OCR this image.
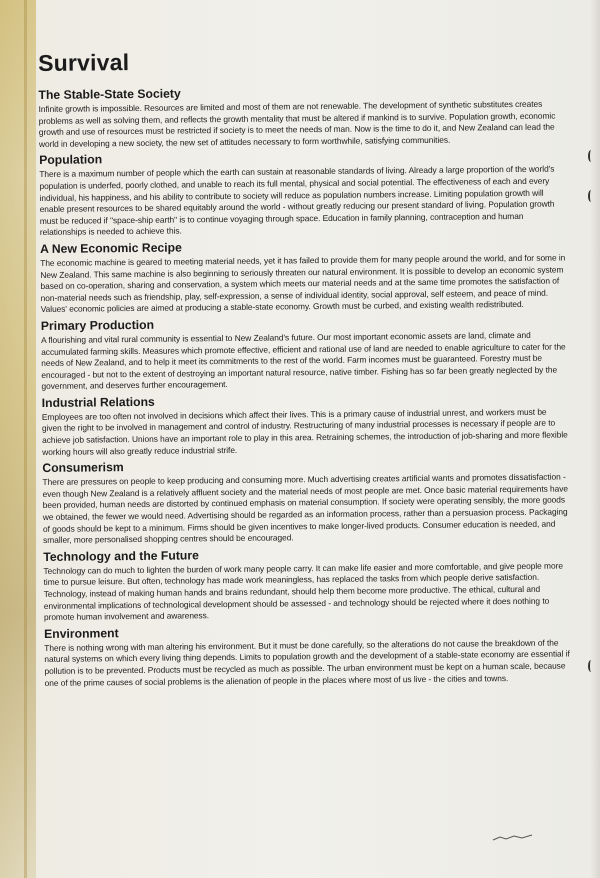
Survival
The Stable-State Society

Infinite growth is impossible. Resources are limited and most of them are not renewable. The development of synthetic substitutes creates problems as well as solving them, and reflects the growth mentality that must be altered if mankind is to survive. Population growth, economic growth and use of resources must be restricted if society is to meet the needs of man. Now is the time to do it, and New Zealand can lead the world in developing a new society, the new set of attitudes necessary to form worthwhile, satisfying communities.

Population

There is a maximum number of people which the earth can sustain at reasonable standards of living. Already a large proportion of the world's population is underfed, poorly clothed, and unable to reach its full mental, physical and social potential. The effectiveness of each and every individual, his happiness, and his ability to contribute to society will reduce as population numbers increase. Limiting population growth will enable present resources to be shared equitably around the world - without greatly reducing our present standard of living. Population growth must be reduced if "space-ship earth" is to continue voyaging through space. Education in family planning, contraception and human relationships is needed to achieve this.

A New Economic Recipe

The economic machine is geared to meeting material needs, yet it has failed to provide them for many people around the world, and for some in New Zealand. This same machine is also beginning to seriously threaten our natural environment. It is possible to develop an economic system based on co-operation, sharing and conservation, a system which meets our material needs and at the same time promotes the satisfaction of non-material needs such as friendship, play, self-expression, a sense of individual identity, social approval, self esteem, and peace of mind. Values' economic policies are aimed at producing a stable-state economy. Growth must be curbed, and existing wealth redistributed.

Primary Production

A flourishing and vital rural community is essential to New Zealand's future. Our most important economic assets are land, climate and accumulated farming skills. Measures which promote effective, efficient and rational use of land are needed to enable agriculture to cater for the needs of New Zealand, and to help it meet its commitments to the rest of the world. Farm incomes must be guaranteed. Forestry must be encouraged - but not to the extent of destroying an important natural resource, native timber. Fishing has so far been greatly neglected by the government, and deserves further encouragement.

Industrial Relations

Employees are too often not involved in decisions which affect their lives. This is a primary cause of industrial unrest, and workers must be given the right to be involved in management and control of industry. Restructuring of many industrial processes is necessary if people are to achieve job satisfaction. Unions have an important role to play in this area. Retraining schemes, the introduction of job-sharing and more flexible working hours will also greatly reduce industrial strife.

Consumerism

There are pressures on people to keep producing and consuming more. Much advertising creates artificial wants and promotes dissatisfaction - even though New Zealand is a relatively affluent society and the material needs of most people are met. Once basic material requirements have been provided, human needs are distorted by continued emphasis on material consumption. If society were operating sensibly, the more goods we obtained, the fewer we would need. Advertising should be regarded as an information process, rather than a persuasion process. Packaging of goods should be kept to a minimum. Firms should be given incentives to make longer-lived products. Consumer education is needed, and smaller, more personalised shopping centres should be encouraged.

Technology and the Future

Technology can do much to lighten the burden of work many people carry. It can make life easier and more comfortable, and give people more time to pursue leisure. But often, technology has made work meaningless, has replaced the tasks from which people derive satisfaction. Technology, instead of making human hands and brains redundant, should help them become more productive. The ethical, cultural and environmental implications of technological development should be assessed - and technology should be rejected where it does nothing to promote human involvement and awareness.

Environment

There is nothing wrong with man altering his environment. But it must be done carefully, so the alterations do not cause the breakdown of the natural systems on which every living thing depends. Limits to population growth and the development of a stable-state economy are essential if pollution is to be prevented. Products must be recycled as much as possible. The urban environment must be kept on a human scale, because one of the prime causes of social problems is the alienation of people in the places where most of us live - the cities and towns.
